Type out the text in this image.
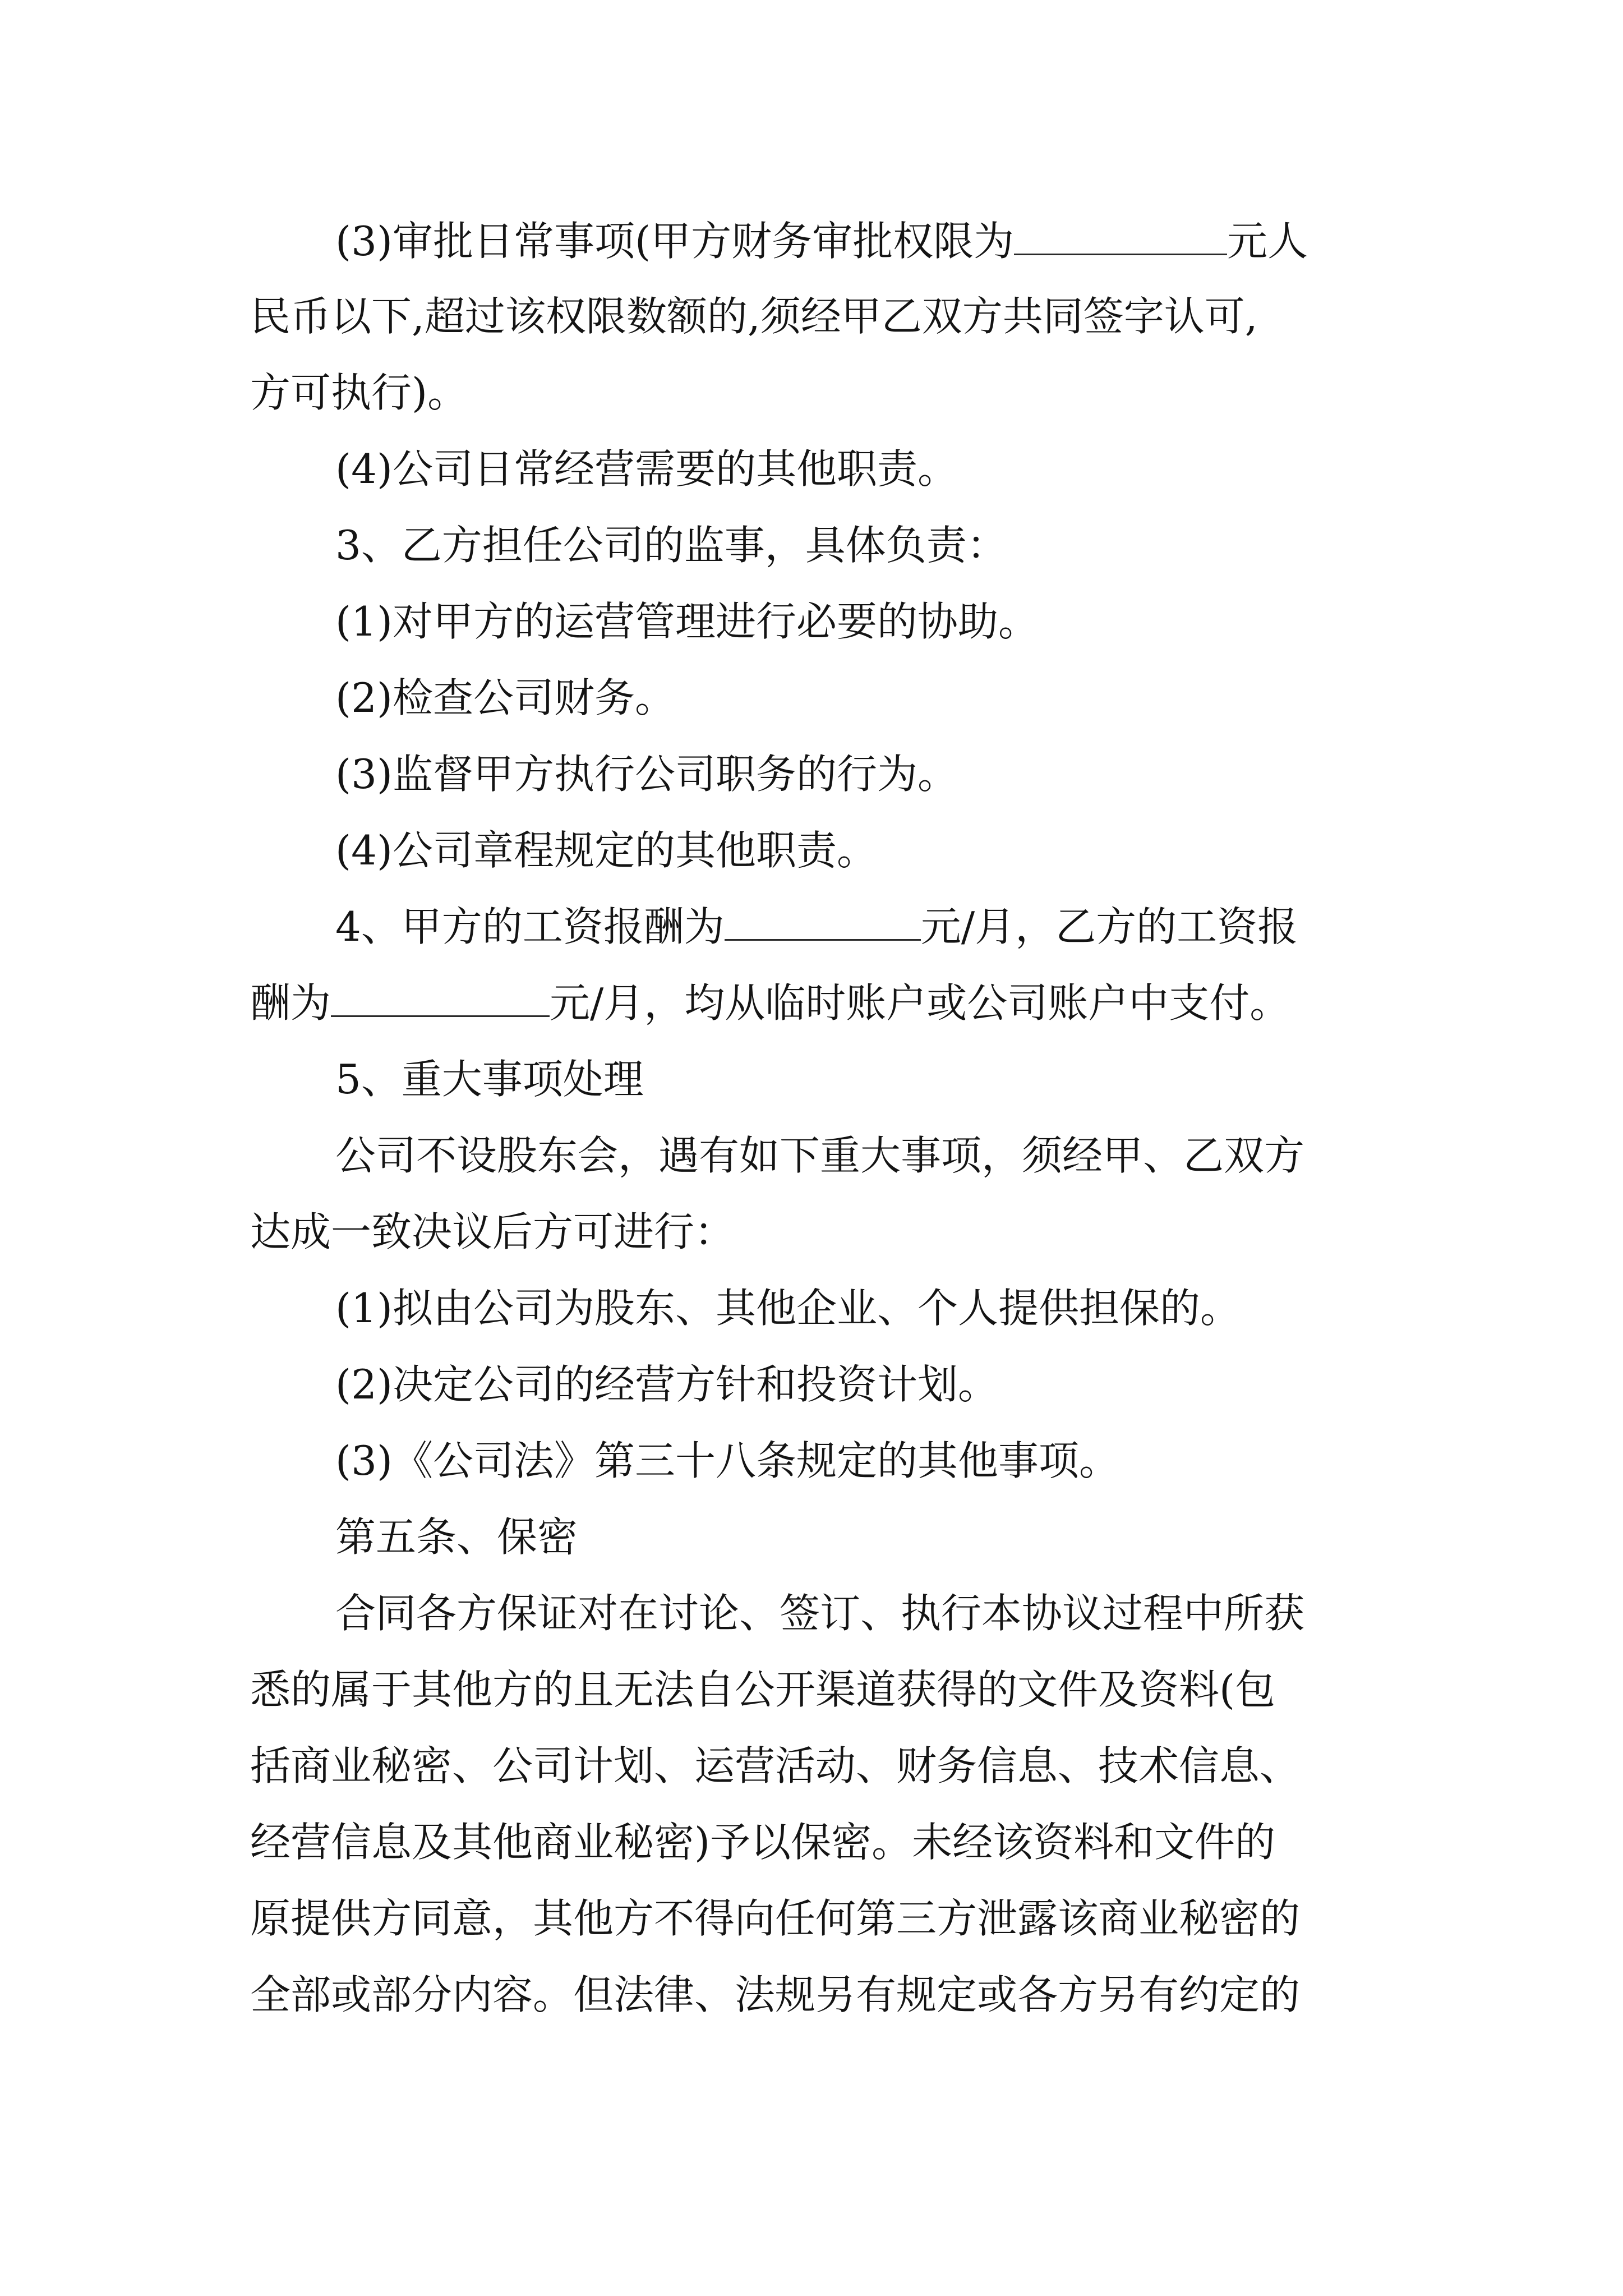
(3)审批日常事项(甲方财务审批权限为	元人
民币以下,超过该权限数额的,须经甲乙双方共同签字认可,
方可执行)。
(4)公司日常经营需要的其他职责。
3、乙方担任公司的监事，具体负责：
(1)对甲方的运营管理进行必要的协助。
(2)检查公司财务。
(3)监督甲方执行公司职务的行为。
(4)公司章程规定的其他职责。
4、甲方的工资报酬为	元/月，乙方的工资报
酬为	元/月，均从临时账户或公司账户中支付。
5、重大事项处理
公司不设股东会，遇有如下重大事项，须经甲、乙双方
达成一致决议后方可进行：
(1)拟由公司为股东、其他企业、个人提供担保的。
(2)决定公司的经营方针和投资计划。
(3)《公司法》第三十八条规定的其他事项。
第五条、保密
合同各方保证对在讨论、签订、执行本协议过程中所获
悉的属于其他方的且无法自公开渠道获得的文件及资料(包
括商业秘密、公司计划、运营活动、财务信息、技术信息、
经营信息及其他商业秘密)予以保密。未经该资料和文件的
原提供方同意，其他方不得向任何第三方泄露该商业秘密的
全部或部分内容。但法律、法规另有规定或各方另有约定的
